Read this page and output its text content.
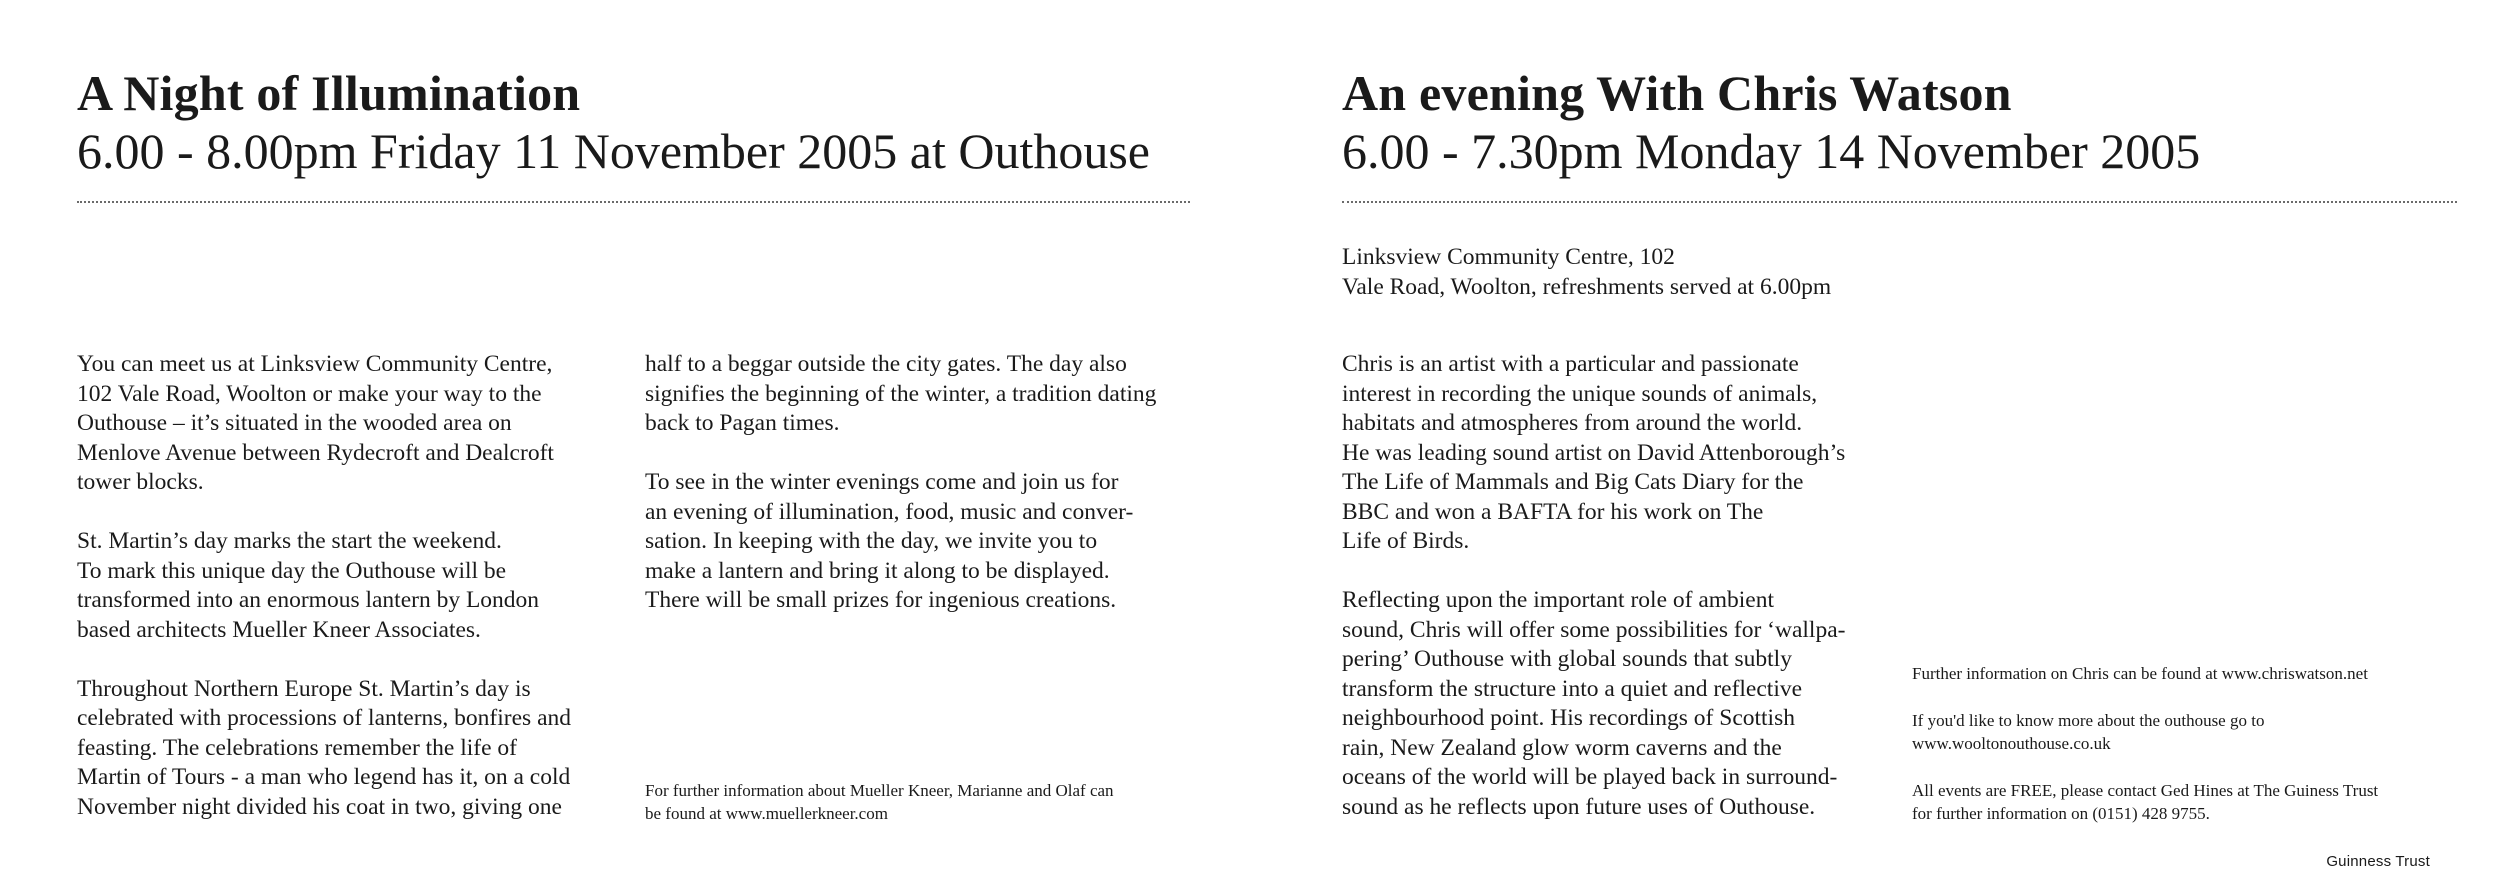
A Night of Illumination
6.00 - 8.00pm Friday 11 November 2005 at Outhouse

You can meet us at Linksview Community Centre,
102 Vale Road, Woolton or make your way to the
Outhouse – it’s situated in the wooded area on
Menlove Avenue between Rydecroft and Dealcroft
tower blocks.

St. Martin’s day marks the start the weekend.
To mark this unique day the Outhouse will be
transformed into an enormous lantern by London
based architects Mueller Kneer Associates.

Throughout Northern Europe St. Martin’s day is
celebrated with processions of lanterns, bonfires and
feasting. The celebrations remember the life of
Martin of Tours - a man who legend has it, on a cold
November night divided his coat in two, giving one

half to a beggar outside the city gates. The day also
signifies the beginning of the winter, a tradition dating
back to Pagan times.

To see in the winter evenings come and join us for
an evening of illumination, food, music and conver-
sation. In keeping with the day, we invite you to
make a lantern and bring it along to be displayed.
There will be small prizes for ingenious creations.

For further information about Mueller Kneer, Marianne and Olaf can
be found at www.muellerkneer.com
An evening With Chris Watson
6.00 - 7.30pm Monday 14 November 2005
Linksview Community Centre, 102
Vale Road, Woolton, refreshments served at 6.00pm

Chris is an artist with a particular and passionate
interest in recording the unique sounds of animals,
habitats and atmospheres from around the world.
He was leading sound artist on David Attenborough’s
The Life of Mammals and Big Cats Diary for the
BBC and won a BAFTA for his work on The
Life of Birds.

Reflecting upon the important role of ambient
sound, Chris will offer some possibilities for ‘wallpa-
pering’ Outhouse with global sounds that subtly
transform the structure into a quiet and reflective
neighbourhood point. His recordings of Scottish
rain, New Zealand glow worm caverns and the
oceans of the world will be played back in surround-
sound as he reflects upon future uses of Outhouse.

Further information on Chris can be found at www.chriswatson.net

If you'd like to know more about the outhouse go to
www.wooltonouthouse.co.uk

All events are FREE, please contact Ged Hines at The Guiness Trust
for further information on (0151) 428 9755.

Guinness Trust
